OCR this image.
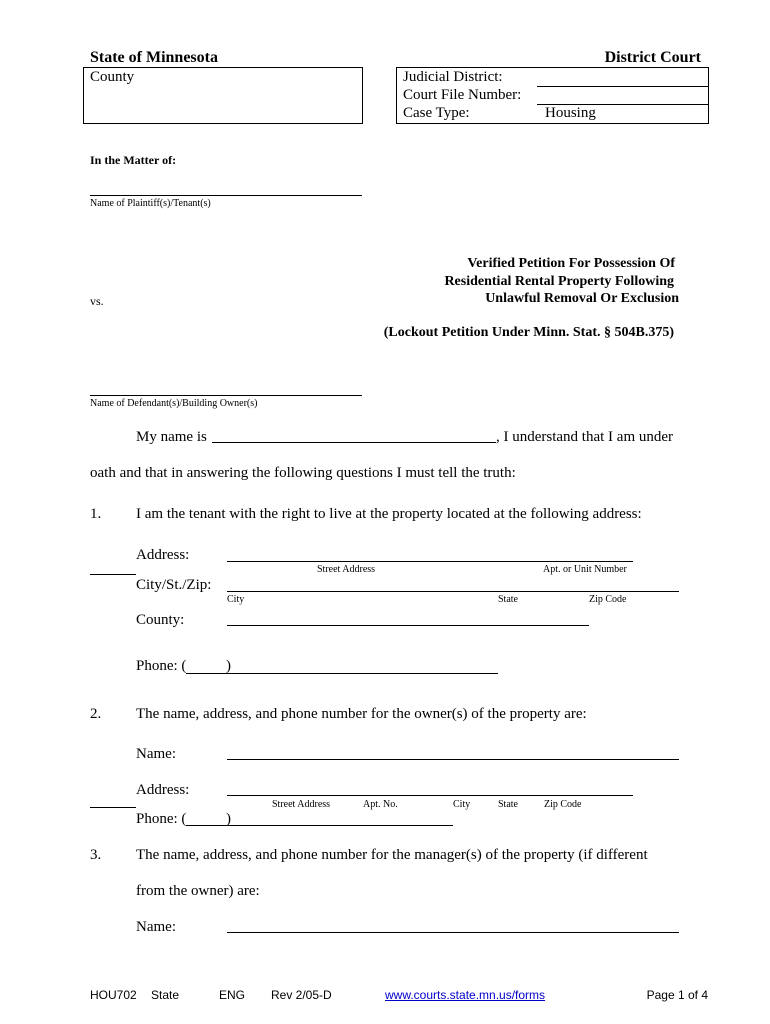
State of Minnesota	District Court
County	Judicial District:
Court File Number:
Case Type:	Housing
In the Matter of:
Name of Plaintiff(s)/Tenant(s)
Verified Petition For Possession Of
Residential Rental Property Following
Unlawful Removal Or Exclusion
vs.
(Lockout Petition Under Minn. Stat. § 504B.375)
Name of Defendant(s)/Building Owner(s)
My name is	, I understand that I am under
oath and that in answering the following questions I must tell the truth:
1. I am the tenant with the right to live at the property located at the following address:
Address:
Street Address	Apt. or Unit Number
City/St./Zip:
City	State	Zip Code
County:
Phone: (	)
2. The name, address, and phone number for the owner(s) of the property are:
Name:
Address:
Street Address	Apt. No.	City	State	Zip Code
Phone: (	)
3. The name, address, and phone number for the manager(s) of the property (if different
from the owner) are:
Name:
HOU702 State	ENG Rev 2/05-D	www.courts.state.mn.us/forms	Page 1 of 4
